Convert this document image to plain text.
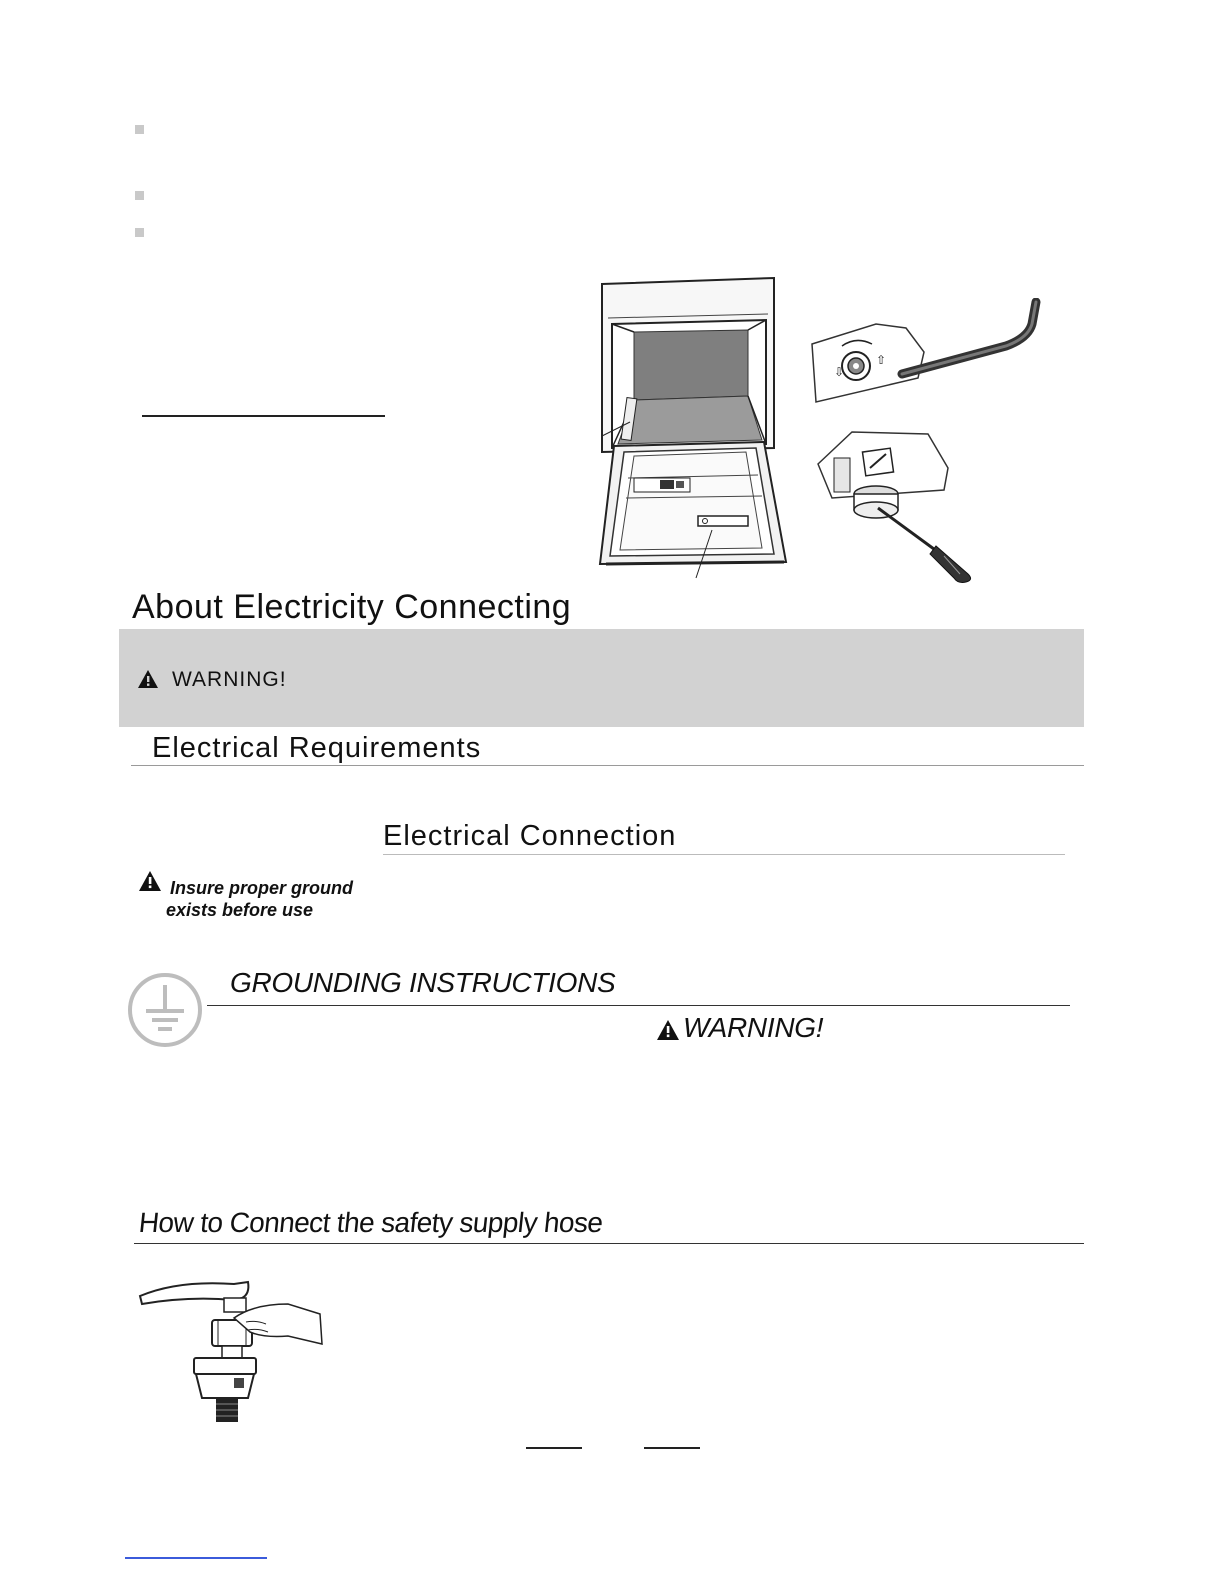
⇩
⇧
About Electricity Connecting
WARNING!
Electrical Requirements
Electrical Connection
Insure proper ground
exists before use
GROUNDING INSTRUCTIONS
WARNING!
How to Connect the safety supply hose
